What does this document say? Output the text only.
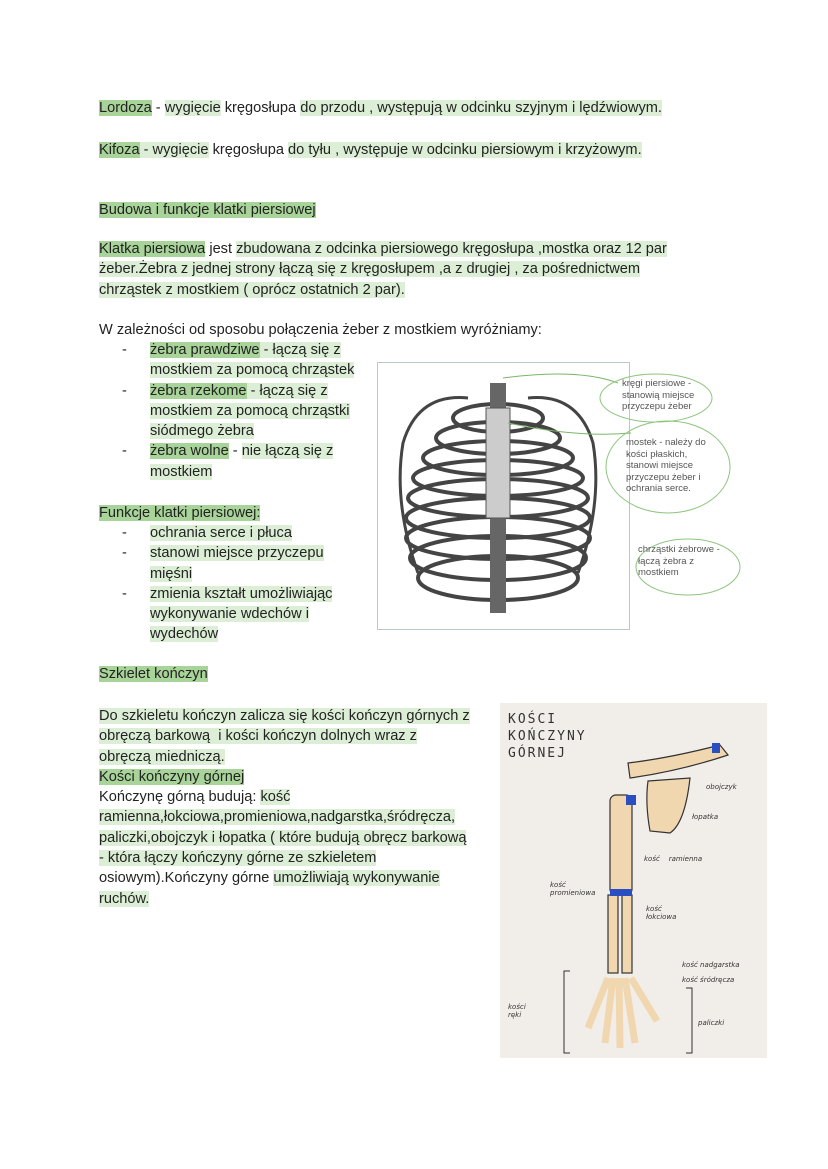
Lordoza - wygięcie kręgosłupa do przodu , występują w odcinku szyjnym i lędźwiowym.
Kifoza - wygięcie kręgosłupa do tyłu , występuje w odcinku piersiowym i krzyżowym.
Budowa i funkcje klatki piersiowej
Klatka piersiowa jest zbudowana z odcinka piersiowego kręgosłupa ,mostka oraz 12 par
żeber.Żebra z jednej strony łączą się z kręgosłupem ,a z drugiej , za pośrednictwem
chrząstek z mostkiem ( oprócz ostatnich 2 par).
W zależności od sposobu połączenia żeber z mostkiem wyróżniamy:
- żebra prawdziwe - łączą się z
mostkiem za pomocą chrząstek
- żebra rzekome - łączą się z
mostkiem za pomocą chrząstki
siódmego żebra
- żebra wolne - nie łączą się z
mostkiem
Funkcje klatki piersiowej:
- ochrania serce i płuca
- stanowi miejsce przyczepu
mięśni
- zmienia kształt umożliwiając
wykonywanie wdechów i
wydechów
Szkielet kończyn
Do szkieletu kończyn zalicza się kości kończyn górnych z
obręczą barkową  i kości kończyn dolnych wraz z
obręczą miedniczą.
Kości kończyny górnej
Kończynę górną budują: kość
ramienna,łokciowa,promieniowa,nadgarstka,śródręcza,
paliczki,obojczyk i łopatka ( które budują obręcz barkową
- która łączy kończyny górne ze szkieletem
osiowym).Kończyny górne umożliwiają wykonywanie
ruchów.
kręgi piersiowe -
stanowią miejsce
przyczepu żeber
mostek - należy do
kości płaskich,
stanowi miejsce
przyczepu żeber i
ochrania serce.
chrząstki żebrowe -
łączą żebra z
mostkiem
KOŚCI
KOŃCZYNY
GÓRNEJ
obojczyk
łopatka
kość    ramienna
kość
promieniowa
kość
łokciowa
kość nadgarstka
kość śródręcza
kości
ręki
paliczki
